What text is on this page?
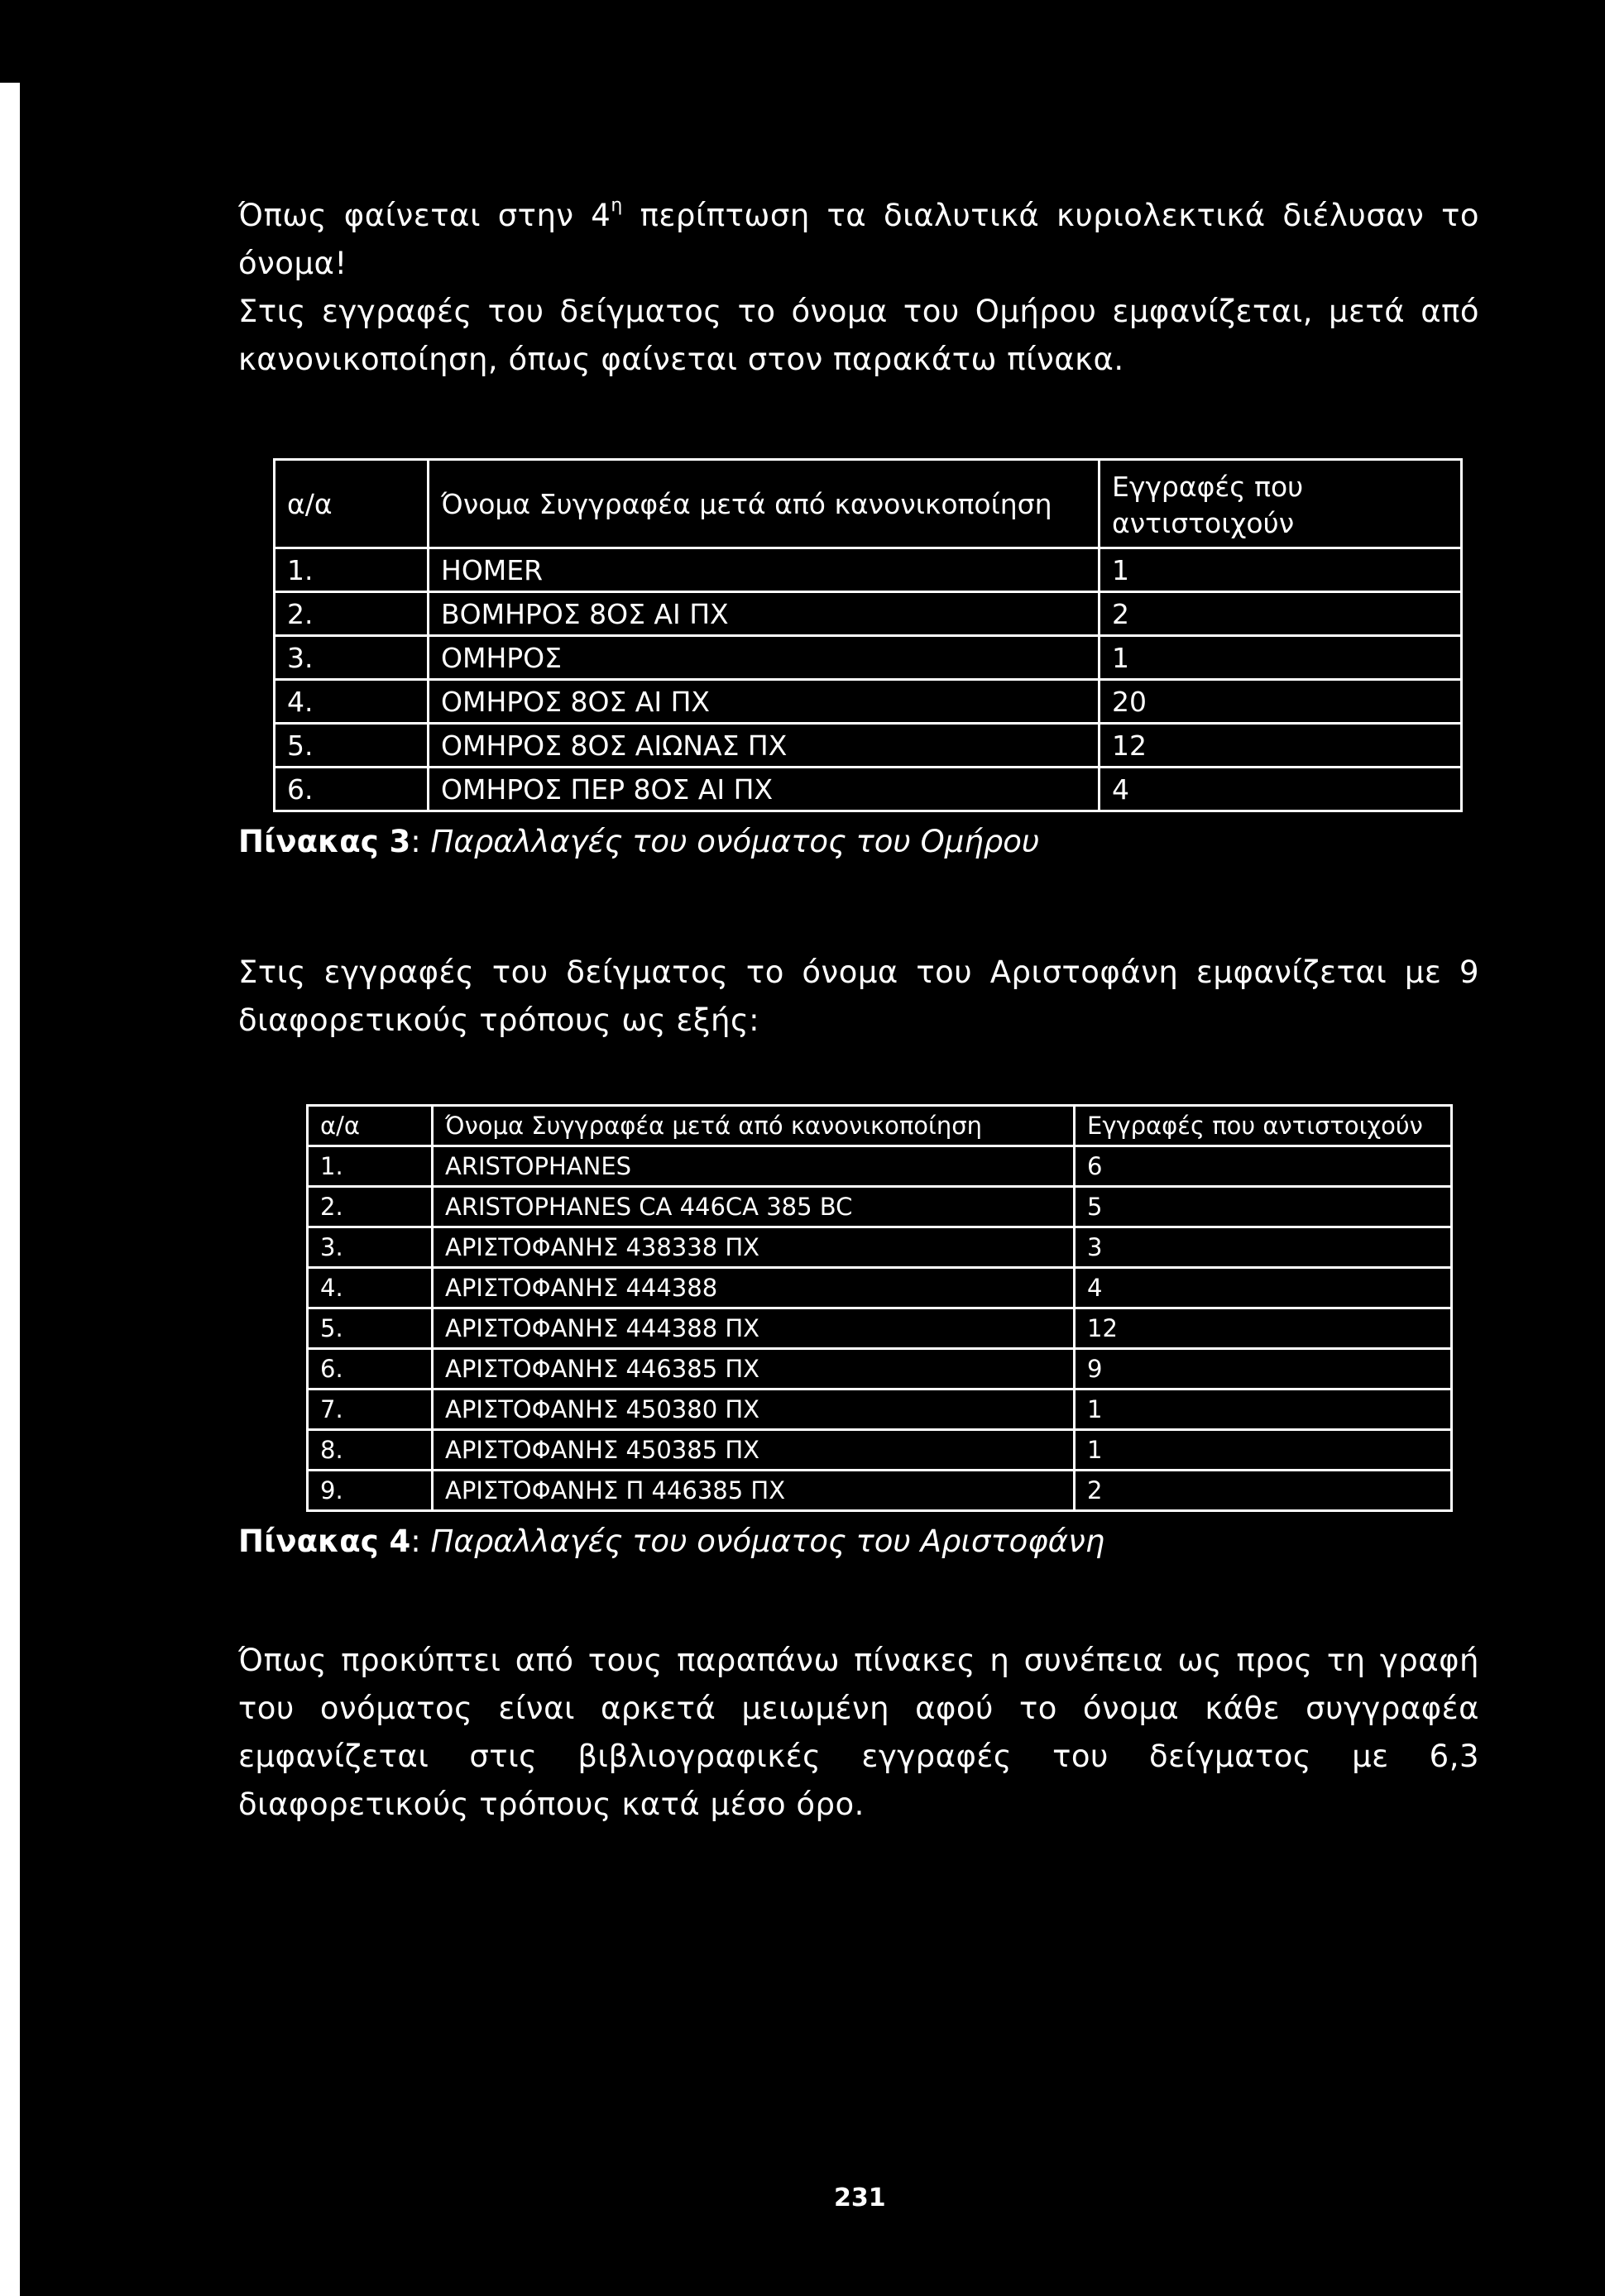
Όπως φαίνεται στην $4^\eta$ περίπτωση τα διαλυτικά κυριολεκτικά διέλυσαν το όνομα!

Στις εγγραφές του δείγματος το όνομα του Ομήρου εμφανίζεται, μετά από κανονικοποίηση, όπως φαίνεται στον παρακάτω πίνακα.

α/α	Όνομα Συγγραφέα μετά από κανονικοποίηση	Εγγραφές που
αντιστοιχούν

1.	HOMER	1
2.	ΒΟΜΗΡΟΣ 8ΟΣ ΑΙ ΠΧ	2
3.	ΟΜΗΡΟΣ	1
4.	ΟΜΗΡΟΣ 8ΟΣ ΑΙ ΠΧ	20
5.	ΟΜΗΡΟΣ 8ΟΣ ΑΙΩΝΑΣ ΠΧ	12
6.	ΟΜΗΡΟΣ ΠΕΡ 8ΟΣ ΑΙ ΠΧ	4
Πίνακας 3: Παραλλαγές του ονόματος του Ομήρου

Στις εγγραφές του δείγματος το όνομα του Αριστοφάνη εμφανίζεται με 9 διαφορετικούς τρόπους ως εξής:

α/α	Όνομα Συγγραφέα μετά από κανονικοποίηση	Εγγραφές που αντιστοιχούν
1.	ARISTOPHANES	6
2.	ARISTOPHANES CA 446CA 385 BC	5
3.	ΑΡΙΣΤΟΦΑΝΗΣ 438338 ΠΧ	3
4.	ΑΡΙΣΤΟΦΑΝΗΣ 444388	4
5.	ΑΡΙΣΤΟΦΑΝΗΣ 444388 ΠΧ	12
6.	ΑΡΙΣΤΟΦΑΝΗΣ 446385 ΠΧ	9
7.	ΑΡΙΣΤΟΦΑΝΗΣ 450380 ΠΧ	1
8.	ΑΡΙΣΤΟΦΑΝΗΣ 450385 ΠΧ	1
9.	ΑΡΙΣΤΟΦΑΝΗΣ Π 446385 ΠΧ	2
Πίνακας 4: Παραλλαγές του ονόματος του Αριστοφάνη

Όπως προκύπτει από τους παραπάνω πίνακες η συνέπεια ως προς τη γραφή του ονόματος είναι αρκετά μειωμένη αφού το όνομα κάθε συγγραφέα εμφανίζεται στις βιβλιογραφικές εγγραφές του δείγματος με 6,3 διαφορετικούς τρόπους κατά μέσο όρο.

231
